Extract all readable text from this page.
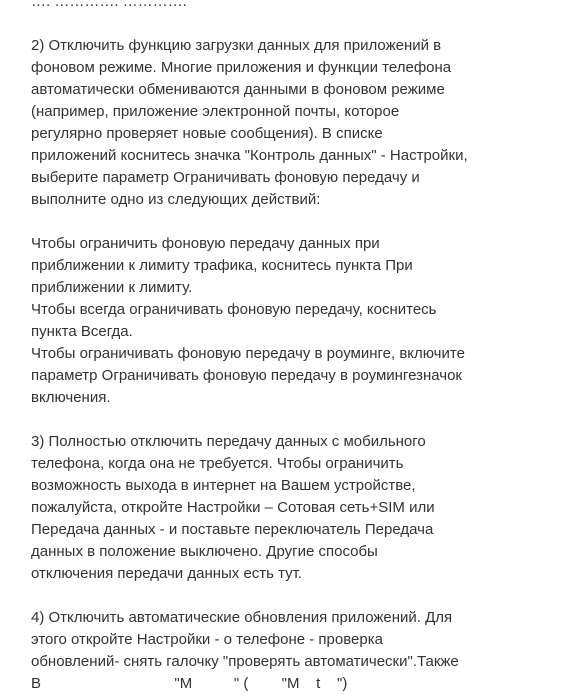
…. …………. ………….
2) Отключить функцию загрузки данных для приложений в
фоновом режиме. Многие приложения и функции телефона
автоматически обмениваются данными в фоновом режиме
(например, приложение электронной почты, которое
регулярно проверяет новые сообщения). В списке
приложений коснитесь значка "Контроль данных" - Настройки,
выберите параметр Ограничивать фоновую передачу и
выполните одно из следующих действий:
Чтобы ограничить фоновую передачу данных при
приближении к лимиту трафика, коснитесь пункта При
приближении к лимиту.
Чтобы всегда ограничивать фоновую передачу, коснитесь
пункта Всегда.
Чтобы ограничивать фоновую передачу в роуминге, включите
параметр Ограничивать фоновую передачу в роумингезначок
включения.
3) Полностью отключить передачу данных с мобильного
телефона, когда она не требуется. Чтобы ограничить
возможность выхода в интернет на Вашем устройстве,
пожалуйста, откройте Настройки – Сотовая сеть+SIM или
Передача данных - и поставьте переключатель Передача
данных в положение выключено. Другие способы
отключения передачи данных есть тут.
4) Отключить автоматические обновления приложений. Для
этого откройте Настройки - о телефоне - проверка
обновлений- снять галочку "проверять автоматически".Также
В                                "М          " (        "M    t    ")
